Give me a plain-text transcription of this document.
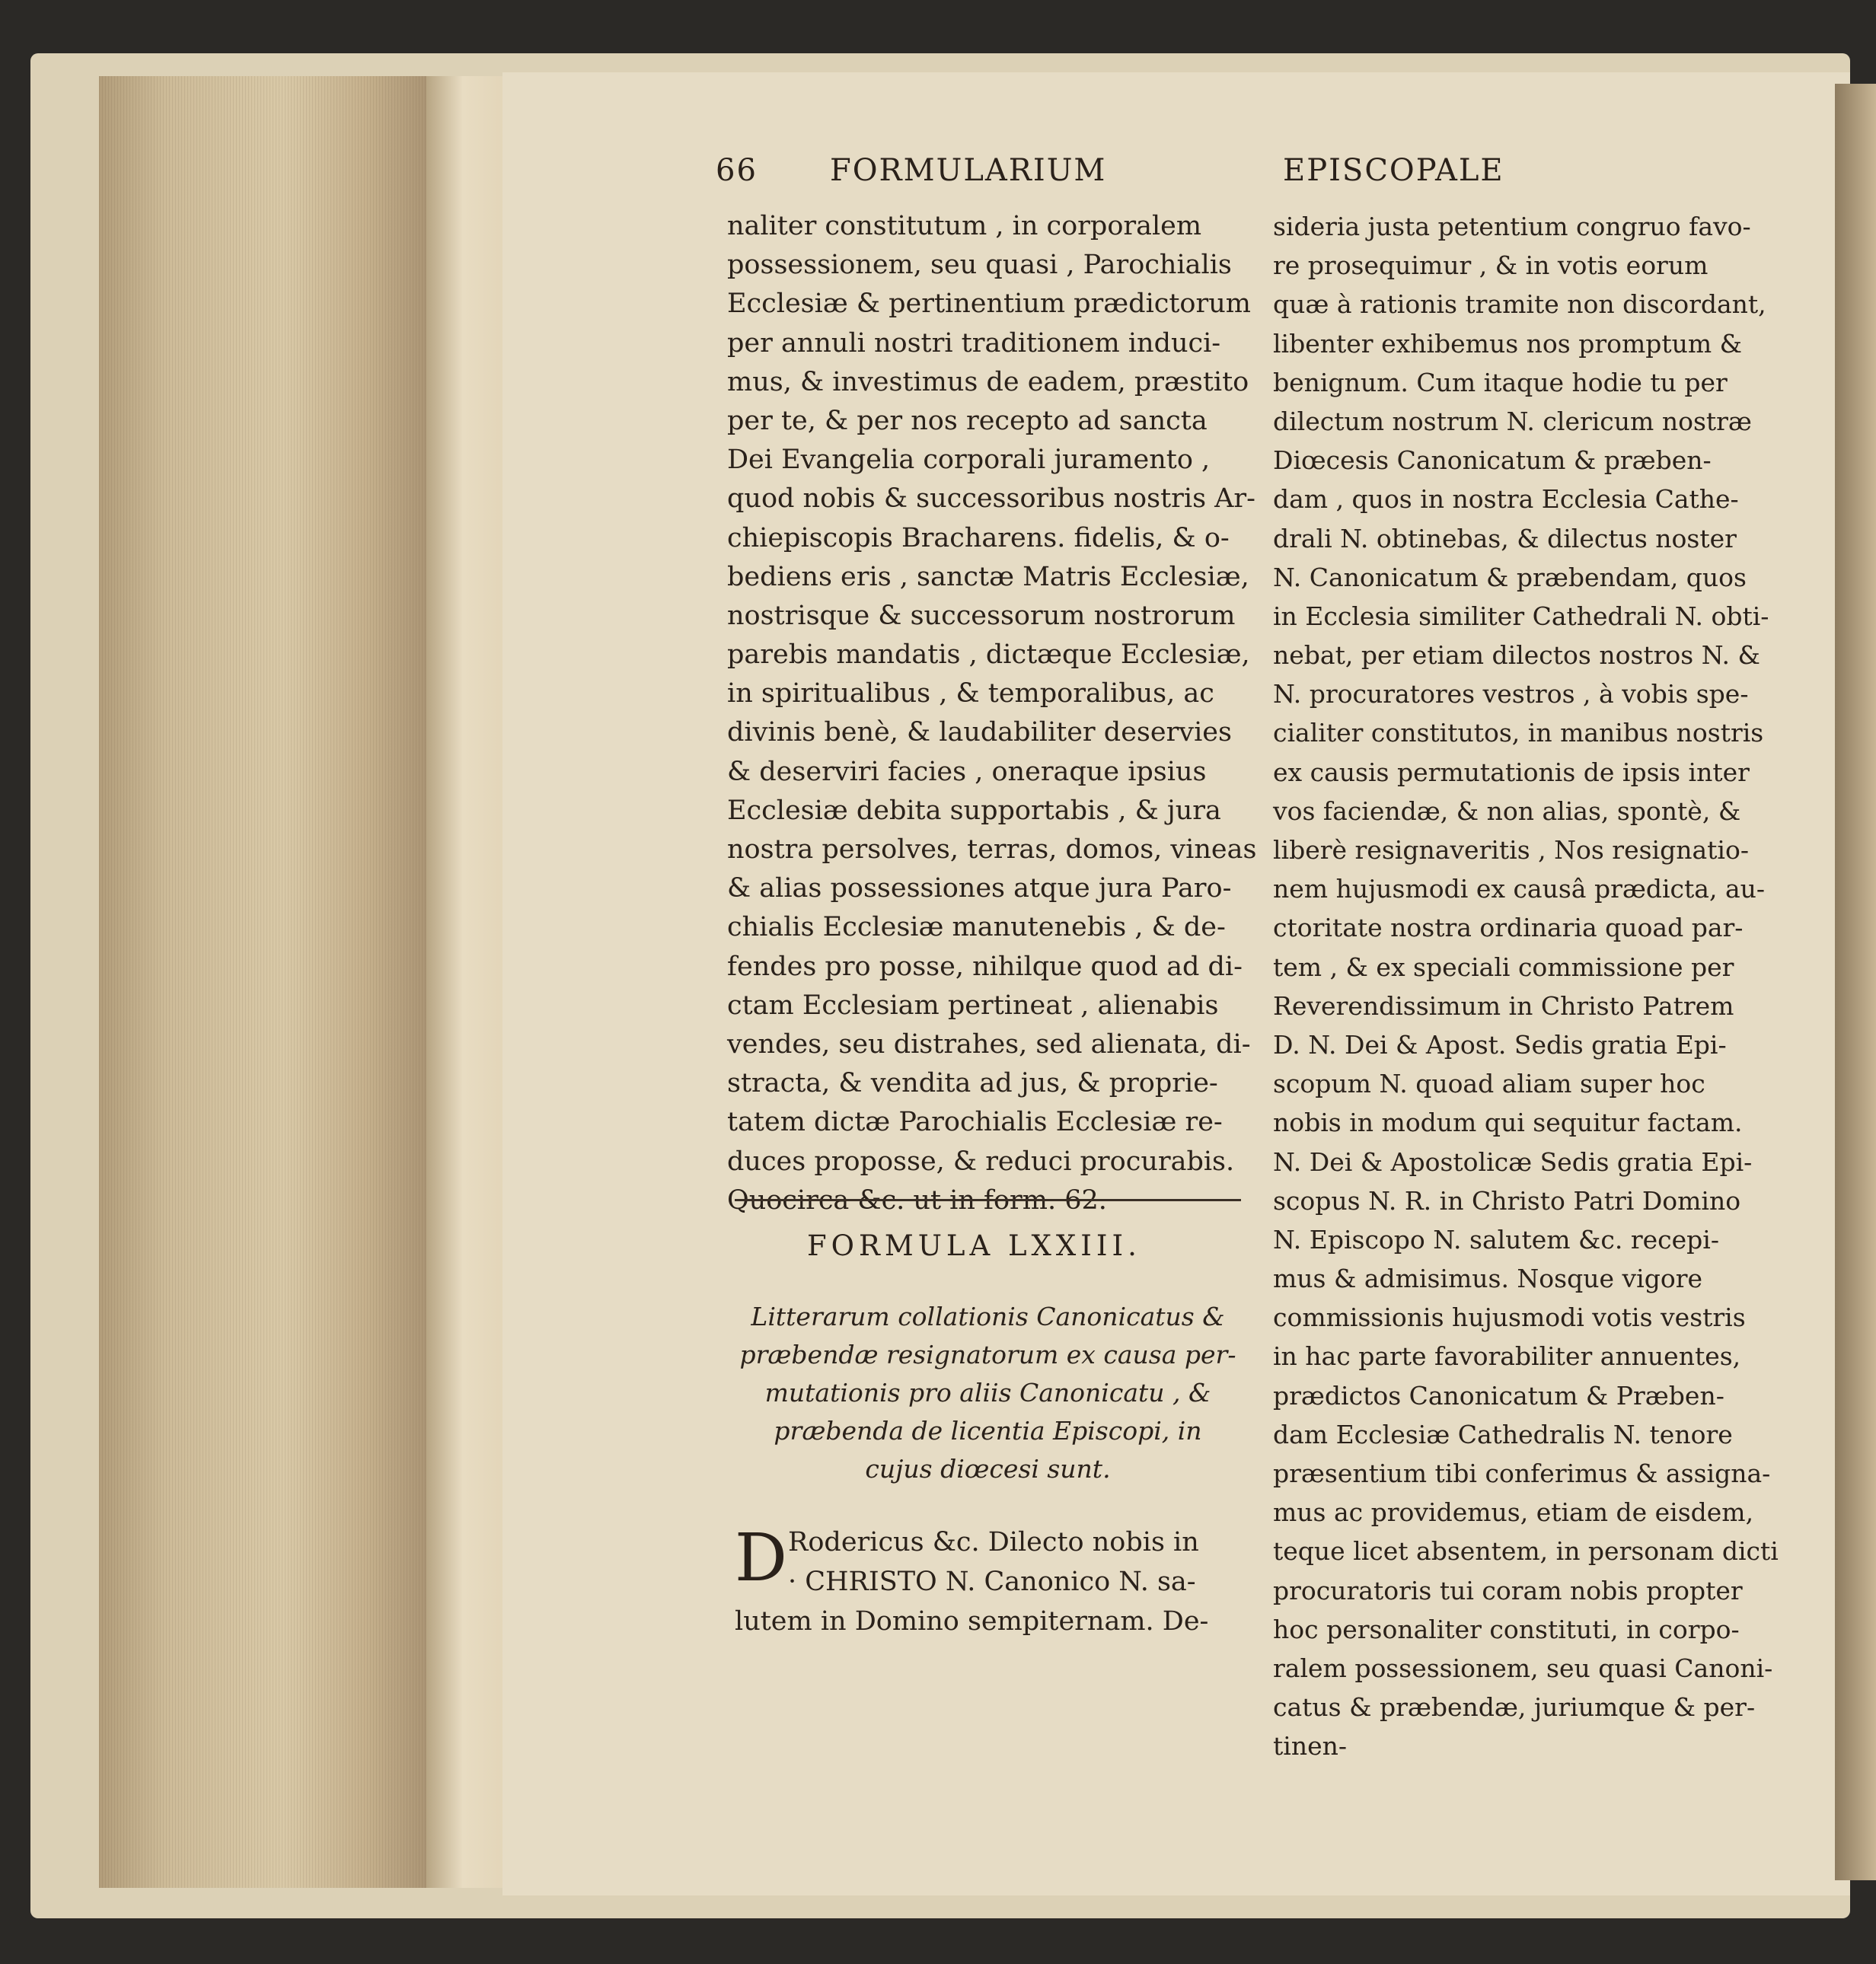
66 FORMULARIUM	EPISCOPALE
naliter constitutum , in corporalem
possessionem, seu quasi , Parochialis
Ecclesiæ & pertinentium prædictorum
per annuli nostri traditionem induci-
mus, & investimus de eadem, præstito
per te, & per nos recepto ad sancta
Dei Evangelia corporali juramento ,
quod nobis & successoribus nostris Ar-
chiepiscopis Bracharens. fidelis, & o-
bediens eris , sanctæ Matris Ecclesiæ,
nostrisque & successorum nostrorum
parebis mandatis , dictæque Ecclesiæ,
in spiritualibus , & temporalibus, ac
divinis benè, & laudabiliter deservies
& deserviri facies , oneraque ipsius
Ecclesiæ debita supportabis , & jura
nostra persolves, terras, domos, vineas
& alias possessiones atque jura Paro-
chialis Ecclesiæ manutenebis , & de-
fendes pro posse, nihilque quod ad di-
ctam Ecclesiam pertineat , alienabis
vendes, seu distrahes, sed alienata, di-
stracta, & vendita ad jus, & proprie-
tatem dictæ Parochialis Ecclesiæ re-
duces proposse, & reduci procurabis.
Quocirca &c. ut in form. 62.
FORMULA LXXIII.
Litterarum collationis Canonicatus &
præbendæ resignatorum ex causa per-
mutationis pro aliis Canonicatu , &
præbenda de licentia Episcopi, in
cujus diœcesi sunt.
D Rodericus &c. Dilecto nobis in
· CHRISTO N. Canonico N. sa-
lutem in Domino sempiternam. De-
sideria justa petentium congruo favo-
re prosequimur , & in votis eorum
quæ à rationis tramite non discordant,
libenter exhibemus nos promptum &
benignum. Cum itaque hodie tu per
dilectum nostrum N. clericum nostræ
Diœcesis Canonicatum & præben-
dam , quos in nostra Ecclesia Cathe-
drali N. obtinebas, & dilectus noster
N. Canonicatum & præbendam, quos
in Ecclesia similiter Cathedrali N. obti-
nebat, per etiam dilectos nostros N. &
N. procuratores vestros , à vobis spe-
cialiter constitutos, in manibus nostris
ex causis permutationis de ipsis inter
vos faciendæ, & non alias, spontè, &
liberè resignaveritis , Nos resignatio-
nem hujusmodi ex causâ prædicta, au-
ctoritate nostra ordinaria quoad par-
tem , & ex speciali commissione per
Reverendissimum in Christo Patrem
D. N. Dei & Apost. Sedis gratia Epi-
scopum N. quoad aliam super hoc
nobis in modum qui sequitur factam.
N. Dei & Apostolicæ Sedis gratia Epi-
scopus N. R. in Christo Patri Domino
N. Episcopo N. salutem &c. recepi-
mus & admisimus. Nosque vigore
commissionis hujusmodi votis vestris
in hac parte favorabiliter annuentes,
prædictos Canonicatum & Præben-
dam Ecclesiæ Cathedralis N. tenore
præsentium tibi conferimus & assigna-
mus ac providemus, etiam de eisdem,
teque licet absentem, in personam dicti
procuratoris tui coram nobis propter
hoc personaliter constituti, in corpo-
ralem possessionem, seu quasi Canoni-
catus & præbendæ, juriumque & per-
tinen-
